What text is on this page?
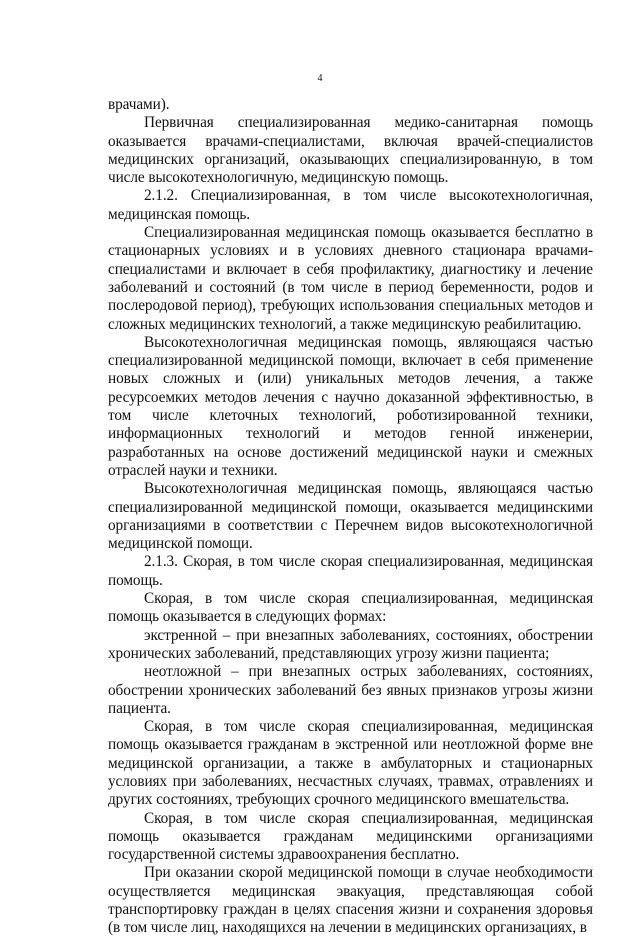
4

врачами).

Первичная специализированная медико-санитарная помощь оказывается врачами-специалистами, включая врачей-специалистов медицинских организаций, оказывающих специализированную, в том числе высокотехнологичную, медицинскую помощь.

2.1.2. Специализированная, в том числе высокотехнологичная, медицинская помощь.

Специализированная медицинская помощь оказывается бесплатно в стационарных условиях и в условиях дневного стационара врачами-специалистами и включает в себя профилактику, диагностику и лечение заболеваний и состояний (в том числе в период беременности, родов и послеродовой период), требующих использования специальных методов и сложных медицинских технологий, а также медицинскую реабилитацию.

Высокотехнологичная медицинская помощь, являющаяся частью специализированной медицинской помощи, включает в себя применение новых сложных и (или) уникальных методов лечения, а также ресурсоемких методов лечения с научно доказанной эффективностью, в том числе клеточных технологий, роботизированной техники, информационных технологий и методов генной инженерии, разработанных на основе достижений медицинской науки и смежных отраслей науки и техники.

Высокотехнологичная медицинская помощь, являющаяся частью специализированной медицинской помощи, оказывается медицинскими организациями в соответствии с Перечнем видов высокотехнологичной медицинской помощи.

2.1.3. Скорая, в том числе скорая специализированная, медицинская помощь.

Скорая, в том числе скорая специализированная, медицинская помощь оказывается в следующих формах:

экстренной – при внезапных заболеваниях, состояниях, обострении хронических заболеваний, представляющих угрозу жизни пациента;

неотложной – при внезапных острых заболеваниях, состояниях, обострении хронических заболеваний без явных признаков угрозы жизни пациента.

Скорая, в том числе скорая специализированная, медицинская помощь оказывается гражданам в экстренной или неотложной форме вне медицинской организации, а также в амбулаторных и стационарных условиях при заболеваниях, несчастных случаях, травмах, отравлениях и других состояниях, требующих срочного медицинского вмешательства.

Скорая, в том числе скорая специализированная, медицинская помощь оказывается гражданам медицинскими организациями государственной системы здравоохранения бесплатно.

При оказании скорой медицинской помощи в случае необходимости осуществляется медицинская эвакуация, представляющая собой транспортировку граждан в целях спасения жизни и сохранения здоровья (в том числе лиц, находящихся на лечении в медицинских организациях, в
